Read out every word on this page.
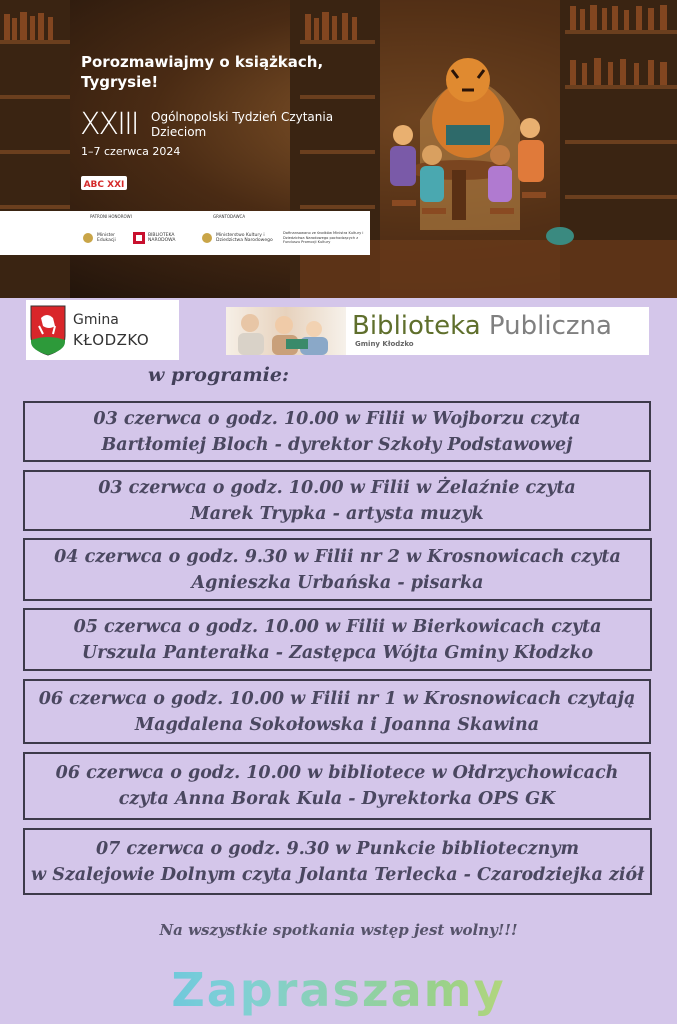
Porozmawiajmy o książkach, Tygrysie!
XXIII Ogólnopolski Tydzień Czytania Dzieciom
1–7 czerwca 2024
ABC XXI
PATRONI HONOROWI	GRANTODAWCA
Minister Edukacji
BIBLIOTEKA NARODOWA
Ministerstwo Kultury i Dziedzictwa Narodowego
Dofinansowano ze środków Ministra Kultury i Dziedzictwa Narodowego pochodzących z Funduszu Promocji Kultury
Gmina
KŁODZKO	Biblioteka Publiczna
Gminy Kłodzko
w programie:
03 czerwca o godz. 10.00 w Filii w Wojborzu czyta
Bartłomiej Bloch - dyrektor Szkoły Podstawowej
03 czerwca o godz. 10.00 w Filii w Żelaźnie czyta
Marek Trypka - artysta muzyk
04 czerwca o godz. 9.30 w Filii nr 2 w Krosnowicach czyta
Agnieszka Urbańska - pisarka
05 czerwca o godz. 10.00 w Filii w Bierkowicach czyta
Urszula Panterałka - Zastępca Wójta Gminy Kłodzko
06 czerwca o godz. 10.00 w Filii nr 1 w Krosnowicach czytają
Magdalena Sokołowska i Joanna Skawina
06 czerwca o godz. 10.00 w bibliotece w Ołdrzychowicach
czyta Anna Borak Kula - Dyrektorka OPS GK
07 czerwca o godz. 9.30 w Punkcie bibliotecznym
w Szalejowie Dolnym czyta Jolanta Terlecka - Czarodziejka ziół
Na wszystkie spotkania wstęp jest wolny!!!
Zapraszamy
